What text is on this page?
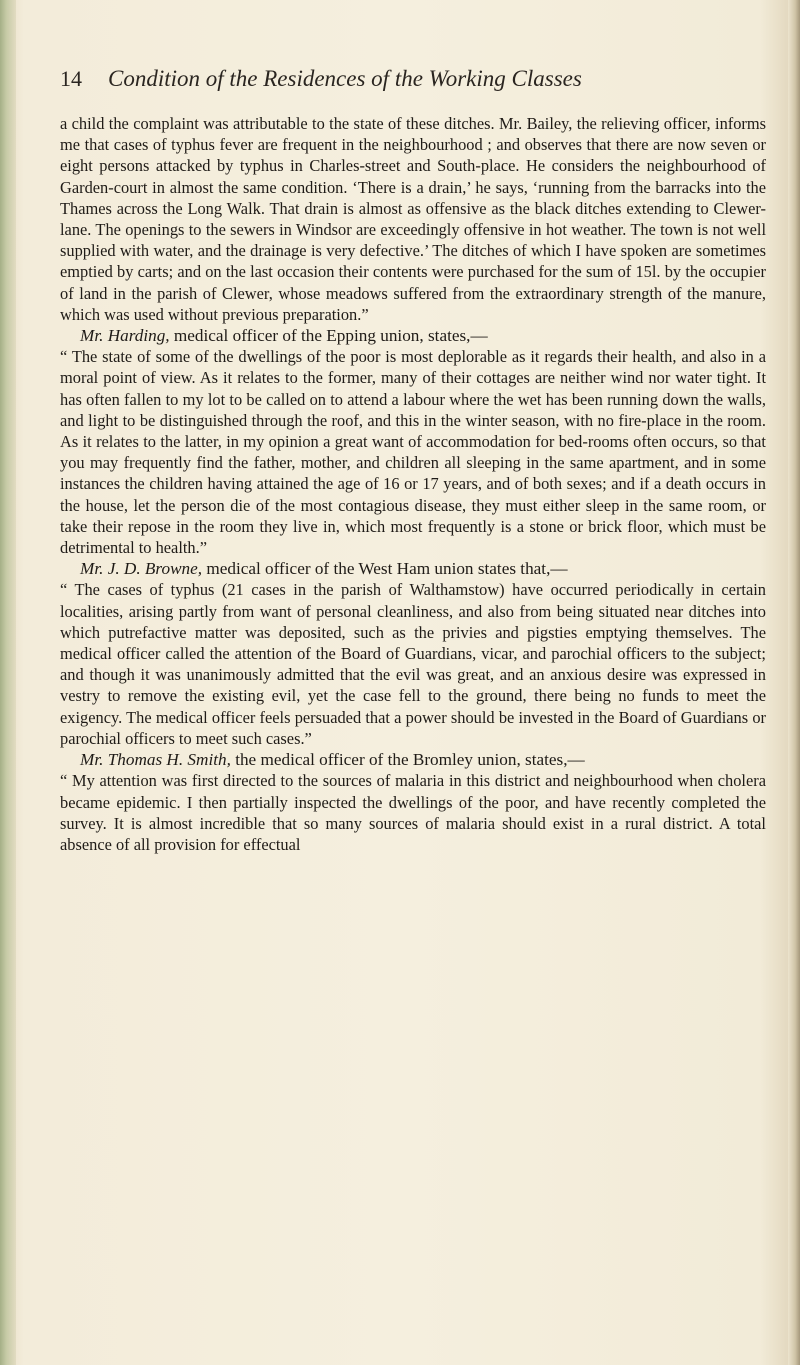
14 Condition of the Residences of the Working Classes

a child the complaint was attributable to the state of these ditches. Mr. Bailey, the relieving officer, informs me that cases of typhus fever are frequent in the neighbourhood ; and observes that there are now seven or eight persons attacked by typhus in Charles-street and South-place. He considers the neighbourhood of Garden-court in almost the same condition. ‘There is a drain,’ he says, ‘running from the barracks into the Thames across the Long Walk. That drain is almost as offensive as the black ditches extending to Clewer-lane. The openings to the sewers in Windsor are exceedingly offensive in hot weather. The town is not well supplied with water, and the drainage is very defective.’ The ditches of which I have spoken are sometimes emptied by carts; and on the last occasion their contents were purchased for the sum of 15l. by the occupier of land in the parish of Clewer, whose meadows suffered from the extraordinary strength of the manure, which was used without previous preparation.”

Mr. Harding, medical officer of the Epping union, states,—

“ The state of some of the dwellings of the poor is most deplorable as it regards their health, and also in a moral point of view. As it relates to the former, many of their cottages are neither wind nor water tight. It has often fallen to my lot to be called on to attend a labour where the wet has been running down the walls, and light to be distinguished through the roof, and this in the winter season, with no fire-place in the room. As it relates to the latter, in my opinion a great want of accommodation for bed-rooms often occurs, so that you may frequently find the father, mother, and children all sleeping in the same apartment, and in some instances the children having attained the age of 16 or 17 years, and of both sexes; and if a death occurs in the house, let the person die of the most contagious disease, they must either sleep in the same room, or take their repose in the room they live in, which most frequently is a stone or brick floor, which must be detrimental to health.”

Mr. J. D. Browne, medical officer of the West Ham union states that,—

“ The cases of typhus (21 cases in the parish of Walthamstow) have occurred periodically in certain localities, arising partly from want of personal cleanliness, and also from being situated near ditches into which putrefactive matter was deposited, such as the privies and pigsties emptying themselves. The medical officer called the attention of the Board of Guardians, vicar, and parochial officers to the subject; and though it was unanimously admitted that the evil was great, and an anxious desire was expressed in vestry to remove the existing evil, yet the case fell to the ground, there being no funds to meet the exigency. The medical officer feels persuaded that a power should be invested in the Board of Guardians or parochial officers to meet such cases.”

Mr. Thomas H. Smith, the medical officer of the Bromley union, states,—

“ My attention was first directed to the sources of malaria in this district and neighbourhood when cholera became epidemic. I then partially inspected the dwellings of the poor, and have recently completed the survey. It is almost incredible that so many sources of malaria should exist in a rural district. A total absence of all provision for effectual
